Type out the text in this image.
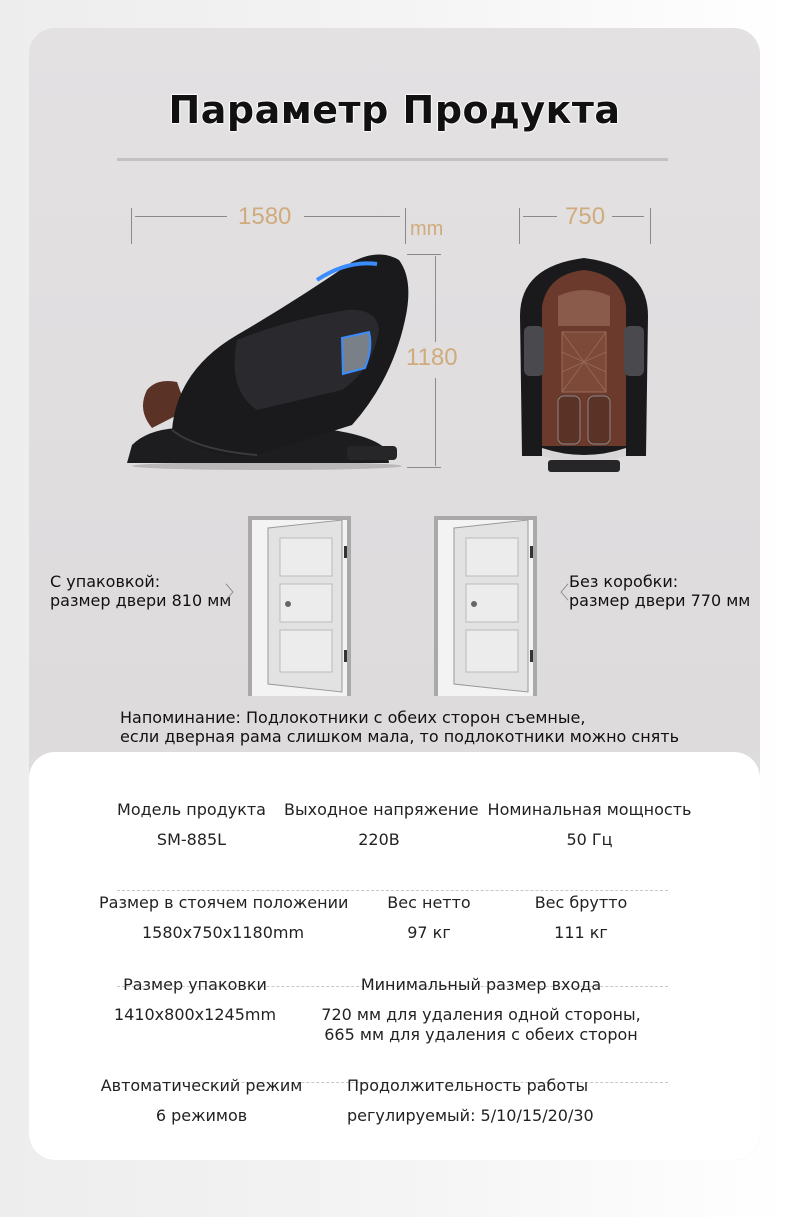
Параметр Продукта
1580	mm	750
1180
С упаковкой:
размер двери 810 мм
〉	〈
Без коробки:
размер двери 770 мм
Напоминание: Подлокотники с обеих сторон съемные,
если дверная рама слишком мала, то подлокотники можно снять
Модель продукта
SM-885L
Выходное напряжение
220В
Номинальная мощность
50 Гц
Размер в стоячем положении
1580x750x1180mm
Вес нетто
97 кг
Вес брутто
111 кг
Размер упаковки
1410x800x1245mm
Минимальный размер входа
720 мм для удаления одной стороны,
665 мм для удаления с обеих сторон
Автоматический режим
6 режимов
Продолжительность работы
регулируемый: 5/10/15/20/30
